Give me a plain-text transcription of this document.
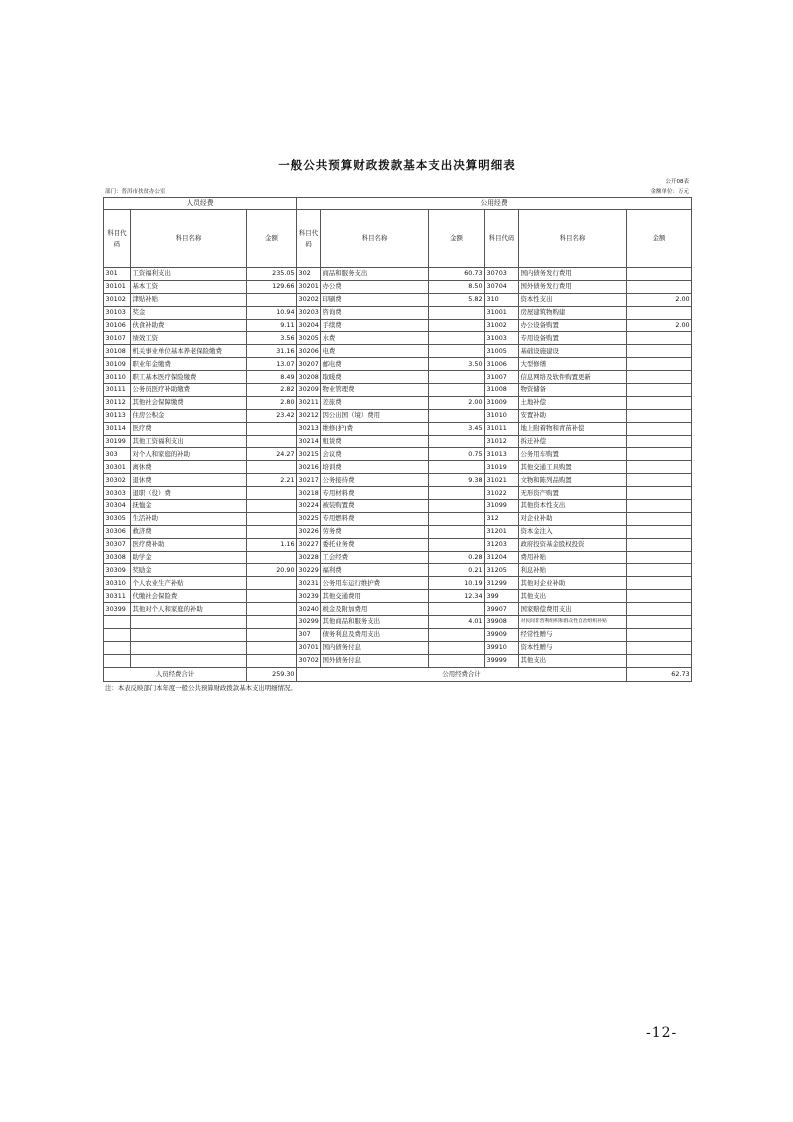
一般公共预算财政拨款基本支出决算明细表
公开08表
部门：普洱市扶贫办公室	金额单位：万元
人员经费			公用经费					
科目代码	科目名称	金额	科目代码	科目名称	金额	科目代码	科目名称	金额
301	工资福利支出	235.05	302	商品和服务支出	60.73	30703	国内债务发行费用	
30101	基本工资	129.66	30201	办公费	8.50	30704	国外债务发行费用	
30102	津贴补贴		30202	印刷费	5.82	310	资本性支出	2.00
30103	奖金	10.94	30203	咨询费		31001	房屋建筑物购建	
30106	伙食补助费	9.11	30204	手续费		31002	办公设备购置	2.00
30107	绩效工资	3.56	30205	水费		31003	专用设备购置	
30108	机关事业单位基本养老保险缴费	31.16	30206	电费		31005	基础设施建设	
30109	职业年金缴费	13.07	30207	邮电费	3.50	31006	大型修缮	
30110	职工基本医疗保险缴费	8.49	30208	取暖费		31007	信息网络及软件购置更新	
30111	公务员医疗补助缴费	2.82	30209	物业管理费		31008	物资储备	
30112	其他社会保障缴费	2.80	30211	差旅费	2.00	31009	土地补偿	
30113	住房公积金	23.42	30212	因公出国（境）费用		31010	安置补助	
30114	医疗费		30213	维修(护)费	3.45	31011	地上附着物和青苗补偿	
30199	其他工资福利支出		30214	租赁费		31012	拆迁补偿	
303	对个人和家庭的补助	24.27	30215	会议费	0.75	31013	公务用车购置	
30301	离休费		30216	培训费		31019	其他交通工具购置	
30302	退休费	2.21	30217	公务接待费	9.38	31021	文物和陈列品购置	
30303	退职（役）费		30218	专用材料费		31022	无形资产购置	
30304	抚恤金		30224	被装购置费		31099	其他资本性支出	
30305	生活补助		30225	专用燃料费		312	对企业补助	
30306	救济费		30226	劳务费		31201	资本金注入	
30307	医疗费补助	1.16	30227	委托业务费		31203	政府投资基金股权投资	
30308	助学金		30228	工会经费	0.28	31204	费用补贴	
30309	奖励金	20.90	30229	福利费	0.21	31205	利息补贴	
30310	个人农业生产补贴		30231	公务用车运行维护费	10.19	31299	其他对企业补助	
30311	代缴社会保险费		30239	其他交通费用	12.34	399	其他支出	
30399	其他对个人和家庭的补助		30240	税金及附加费用		39907	国家赔偿费用支出	
			30299	其他商品和服务支出	4.01	39908	对民间非营利组织和群众性自治组织补贴	
			307	债务利息及费用支出		39909	经常性赠与	
			30701	国内债务付息		39910	资本性赠与	
			30702	国外债务付息		39999	其他支出	
人员经费合计		259.30	公用经费合计					62.73
注：本表反映部门本年度一般公共预算财政拨款基本支出明细情况。
-12-
